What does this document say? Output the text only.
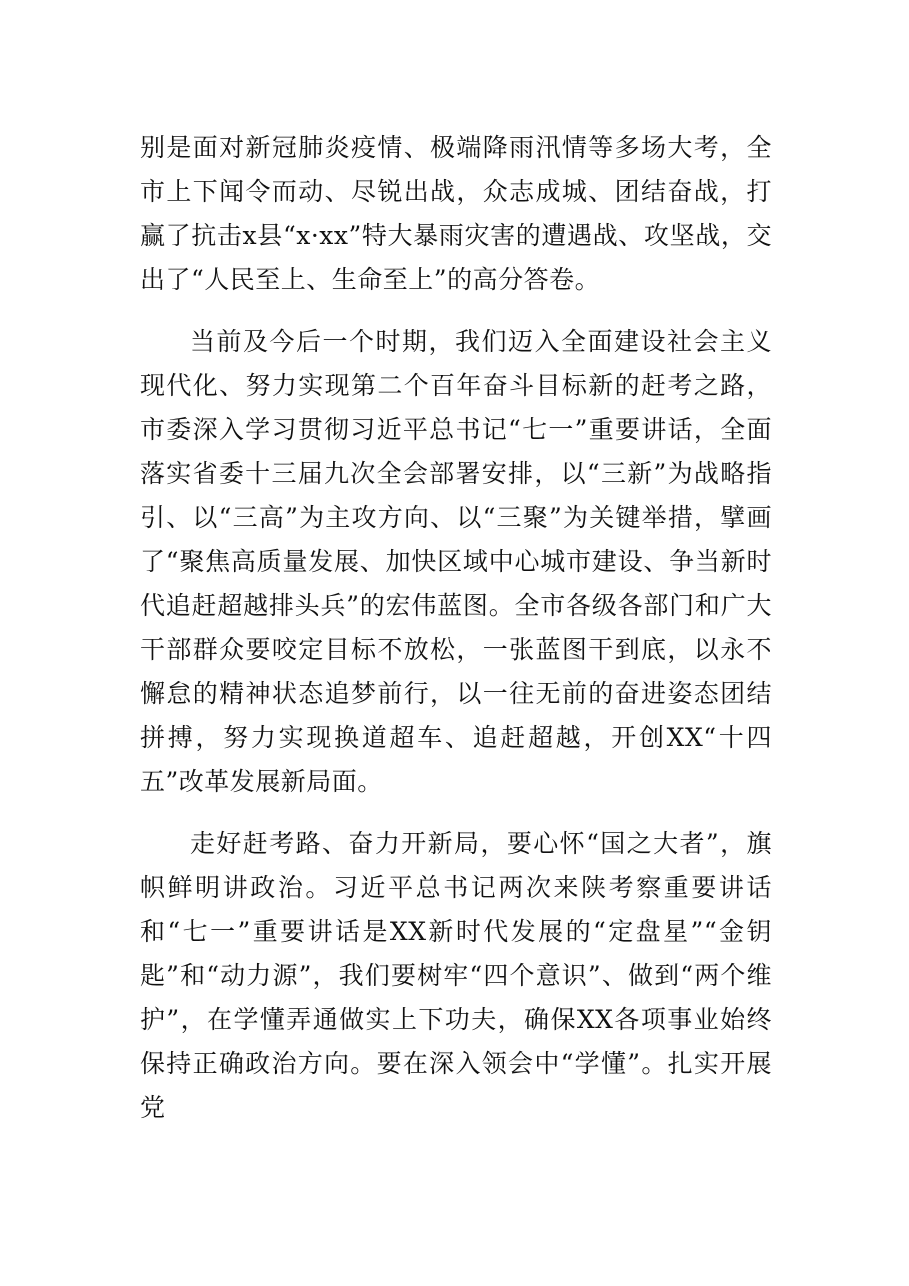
别是面对新冠肺炎疫情、极端降雨汛情等多场大考，全市上下闻令而动、尽锐出战，众志成城、团结奋战，打赢了抗击x县“x·xx”特大暴雨灾害的遭遇战、攻坚战，交出了“人民至上、生命至上”的高分答卷。

当前及今后一个时期，我们迈入全面建设社会主义现代化、努力实现第二个百年奋斗目标新的赶考之路，市委深入学习贯彻习近平总书记“七一”重要讲话，全面落实省委十三届九次全会部署安排，以“三新”为战略指引、以“三高”为主攻方向、以“三聚”为关键举措，擘画了“聚焦高质量发展、加快区域中心城市建设、争当新时代追赶超越排头兵”的宏伟蓝图。全市各级各部门和广大干部群众要咬定目标不放松，一张蓝图干到底，以永不懈怠的精神状态追梦前行，以一往无前的奋进姿态团结拼搏，努力实现换道超车、追赶超越，开创XX“十四五”改革发展新局面。

走好赶考路、奋力开新局，要心怀“国之大者”，旗帜鲜明讲政治。习近平总书记两次来陕考察重要讲话和“七一”重要讲话是XX新时代发展的“定盘星”“金钥匙”和“动力源”，我们要树牢“四个意识”、做到“两个维护”，在学懂弄通做实上下功夫，确保XX各项事业始终保持正确政治方向。要在深入领会中“学懂”。扎实开展党
